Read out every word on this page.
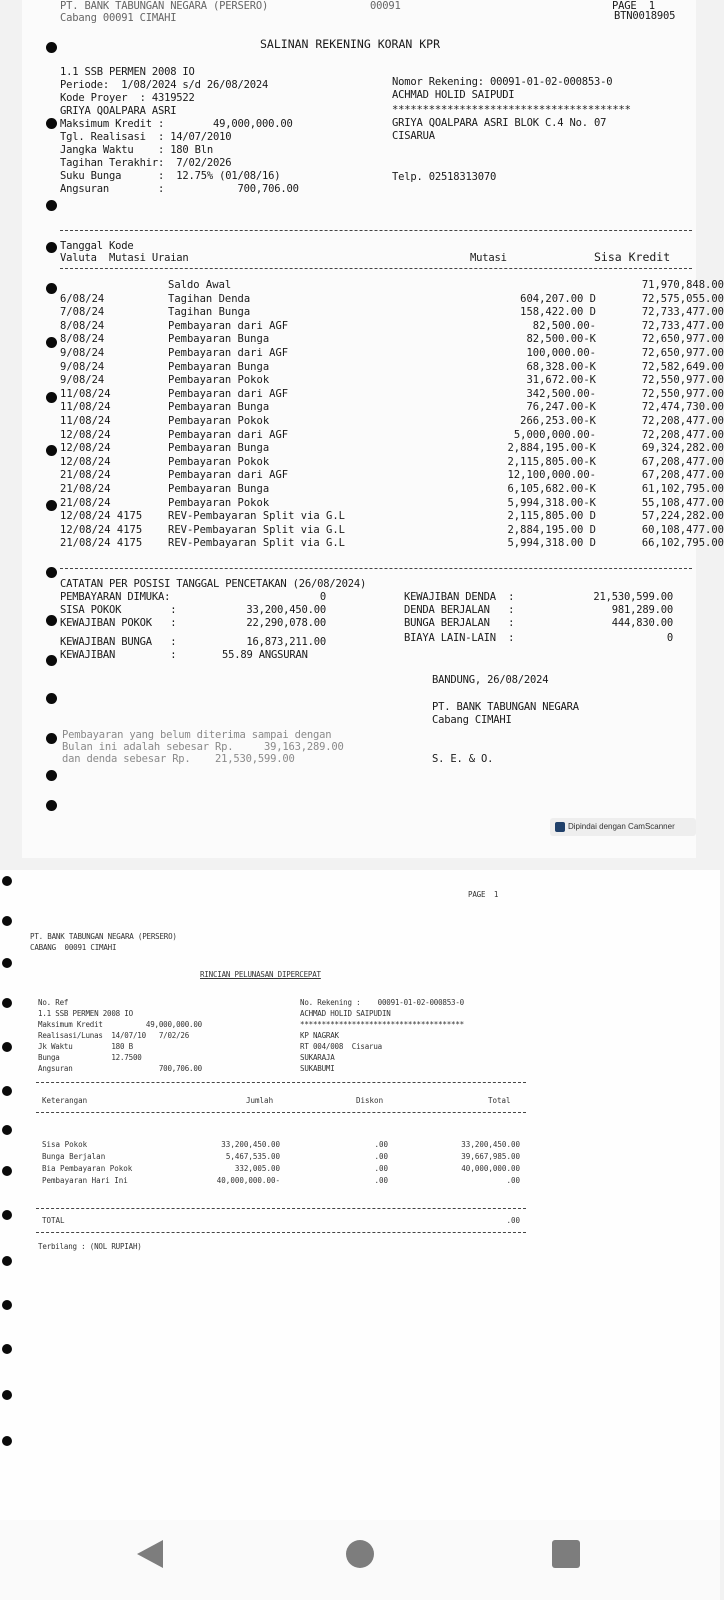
PT. BANK TABUNGAN NEGARA (PERSERO)	00091
Cabang 00091 CIMAHI
PAGE  1
BTN0018905
SALINAN REKENING KORAN KPR
1.1 SSB PERMEN 2008 IO
Periode:  1/08/2024 s/d 26/08/2024
Kode Proyer  : 4319522
GRIYA QOALPARA ASRI
Maksimum Kredit :        49,000,000.00
Tgl. Realisasi  : 14/07/2010
Jangka Waktu    : 180 Bln
Tagihan Terakhir:  7/02/2026
Suku Bunga      :  12.75% (01/08/16)
Angsuran        :            700,706.00
Nomor Rekening: 00091-01-02-000853-0
ACHMAD HOLID SAIPUDI
***************************************
GRIYA QOALPARA ASRI BLOK C.4 No. 07
CISARUA
Telp. 02518313070
Tanggal Kode
Valuta  Mutasi Uraian	Mutasi	Sisa Kredit
Saldo Awal	71,970,848.00
6/08/24	Tagihan Denda	604,207.00 D	72,575,055.00
7/08/24	Tagihan Bunga	158,422.00 D	72,733,477.00
8/08/24	Pembayaran dari AGF	82,500.00-	72,733,477.00
8/08/24	Pembayaran Bunga	82,500.00-K	72,650,977.00
9/08/24	Pembayaran dari AGF	100,000.00-	72,650,977.00
9/08/24	Pembayaran Bunga	68,328.00-K	72,582,649.00
9/08/24	Pembayaran Pokok	31,672.00-K	72,550,977.00
11/08/24	Pembayaran dari AGF	342,500.00-	72,550,977.00
11/08/24	Pembayaran Bunga	76,247.00-K	72,474,730.00
11/08/24	Pembayaran Pokok	266,253.00-K	72,208,477.00
12/08/24	Pembayaran dari AGF	5,000,000.00-	72,208,477.00
12/08/24	Pembayaran Bunga	2,884,195.00-K	69,324,282.00
12/08/24	Pembayaran Pokok	2,115,805.00-K	67,208,477.00
21/08/24	Pembayaran dari AGF	12,100,000.00-	67,208,477.00
21/08/24	Pembayaran Bunga	6,105,682.00-K	61,102,795.00
21/08/24	Pembayaran Pokok	5,994,318.00-K	55,108,477.00
12/08/24 4175 REV-Pembayaran Split via G.L	2,115,805.00 D	57,224,282.00
12/08/24 4175 REV-Pembayaran Split via G.L	2,884,195.00 D	60,108,477.00
21/08/24 4175 REV-Pembayaran Split via G.L	5,994,318.00 D	66,102,795.00
CATATAN PER POSISI TANGGAL PENCETAKAN (26/08/2024)
PEMBAYARAN DIMUKA:	0
SISA POKOK        :	33,200,450.00
KEWAJIBAN POKOK   :	22,290,078.00
KEWAJIBAN BUNGA   :	16,873,211.00
KEWAJIBAN         :	55.89 ANGSURAN
KEWAJIBAN DENDA  :	21,530,599.00
DENDA BERJALAN   :	981,289.00
BUNGA BERJALAN   :	444,830.00
BIAYA LAIN-LAIN  :	0
BANDUNG, 26/08/2024
PT. BANK TABUNGAN NEGARA
Cabang CIMAHI
S. E. & O.
Pembayaran yang belum diterima sampai dengan
Bulan ini adalah sebesar Rp.     39,163,289.00
dan denda sebesar Rp.    21,530,599.00
Dipindai dengan CamScanner
PAGE  1
PT. BANK TABUNGAN NEGARA (PERSERO)
CABANG  00091 CIMAHI
RINCIAN PELUNASAN DIPERCEPAT
No. Ref
1.1 SSB PERMEN 2008 IO
Maksimum Kredit          49,000,000.00
Realisasi/Lunas  14/07/10   7/02/26
Jk Waktu         180 B
Bunga            12.7500
Angsuran                    700,706.00
No. Rekening :    00091-01-02-000853-0
ACHMAD HOLID SAIPUDIN
**************************************
KP NAGRAK
RT 004/008  Cisarua
SUKARAJA
SUKABUMI
Keterangan	Jumlah	Diskon	Total
Sisa Pokok	33,200,450.00	.00	33,200,450.00
Bunga Berjalan	5,467,535.00	.00	39,667,985.00
Bia Pembayaran Pokok	332,005.00	.00	40,000,000.00
Pembayaran Hari Ini	40,000,000.00-	.00	.00
TOTAL	.00
Terbilang : (NOL RUPIAH)
